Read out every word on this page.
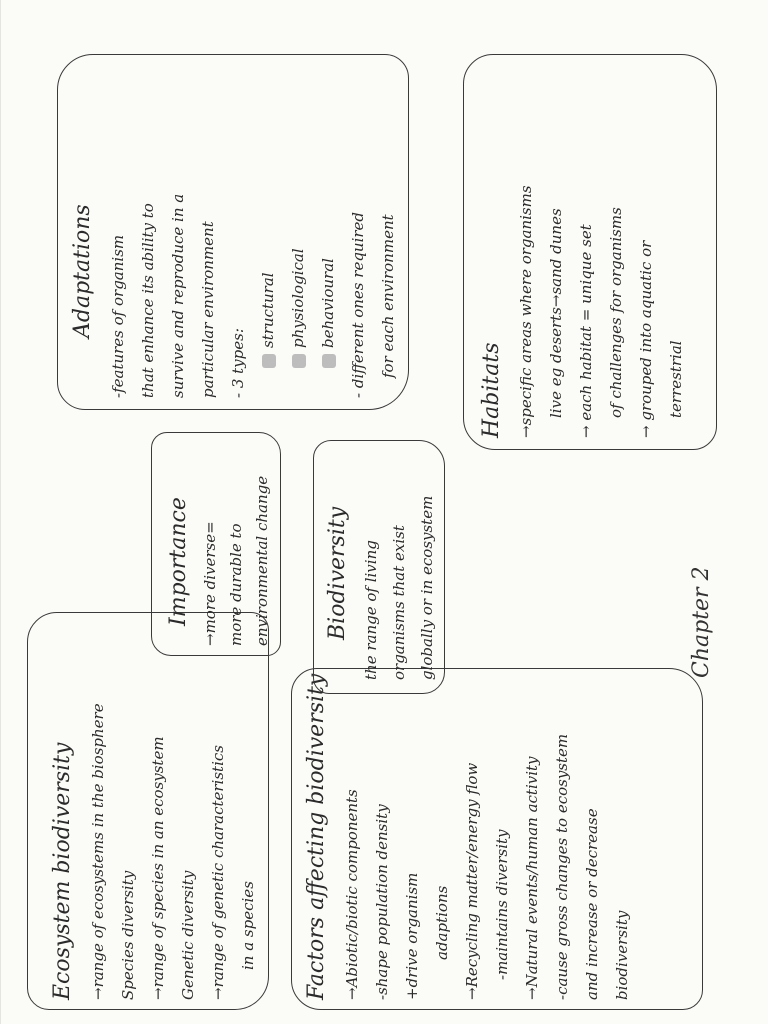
Ecosystem biodiversity →range of ecosystems in the biosphere Species diversity →range of species in an ecosystem Genetic diversity →range of genetic characteristics in a species	Factors affecting biodiversity →Abiotic/biotic components -shape population density +drive organism adaptions →Recycling matter/energy flow -maintains diversity →Natural events/human activity -cause gross changes to ecosystem and increase or decrease biodiversity
Importance →more diverse= more durable to environmental change Biodiversity the range of living organisms that exist globally or in ecosystem
Adaptations -features of organism that enhance its ability to survive and reproduce in a particular environment - 3 types:
structural physiological behavioural - different ones required for each environment
Habitats →specific areas where organisms live eg deserts→sand dunes → each habitat = unique set of challenges for organisms → grouped into aquatic or terrestrial
Chapter 2
